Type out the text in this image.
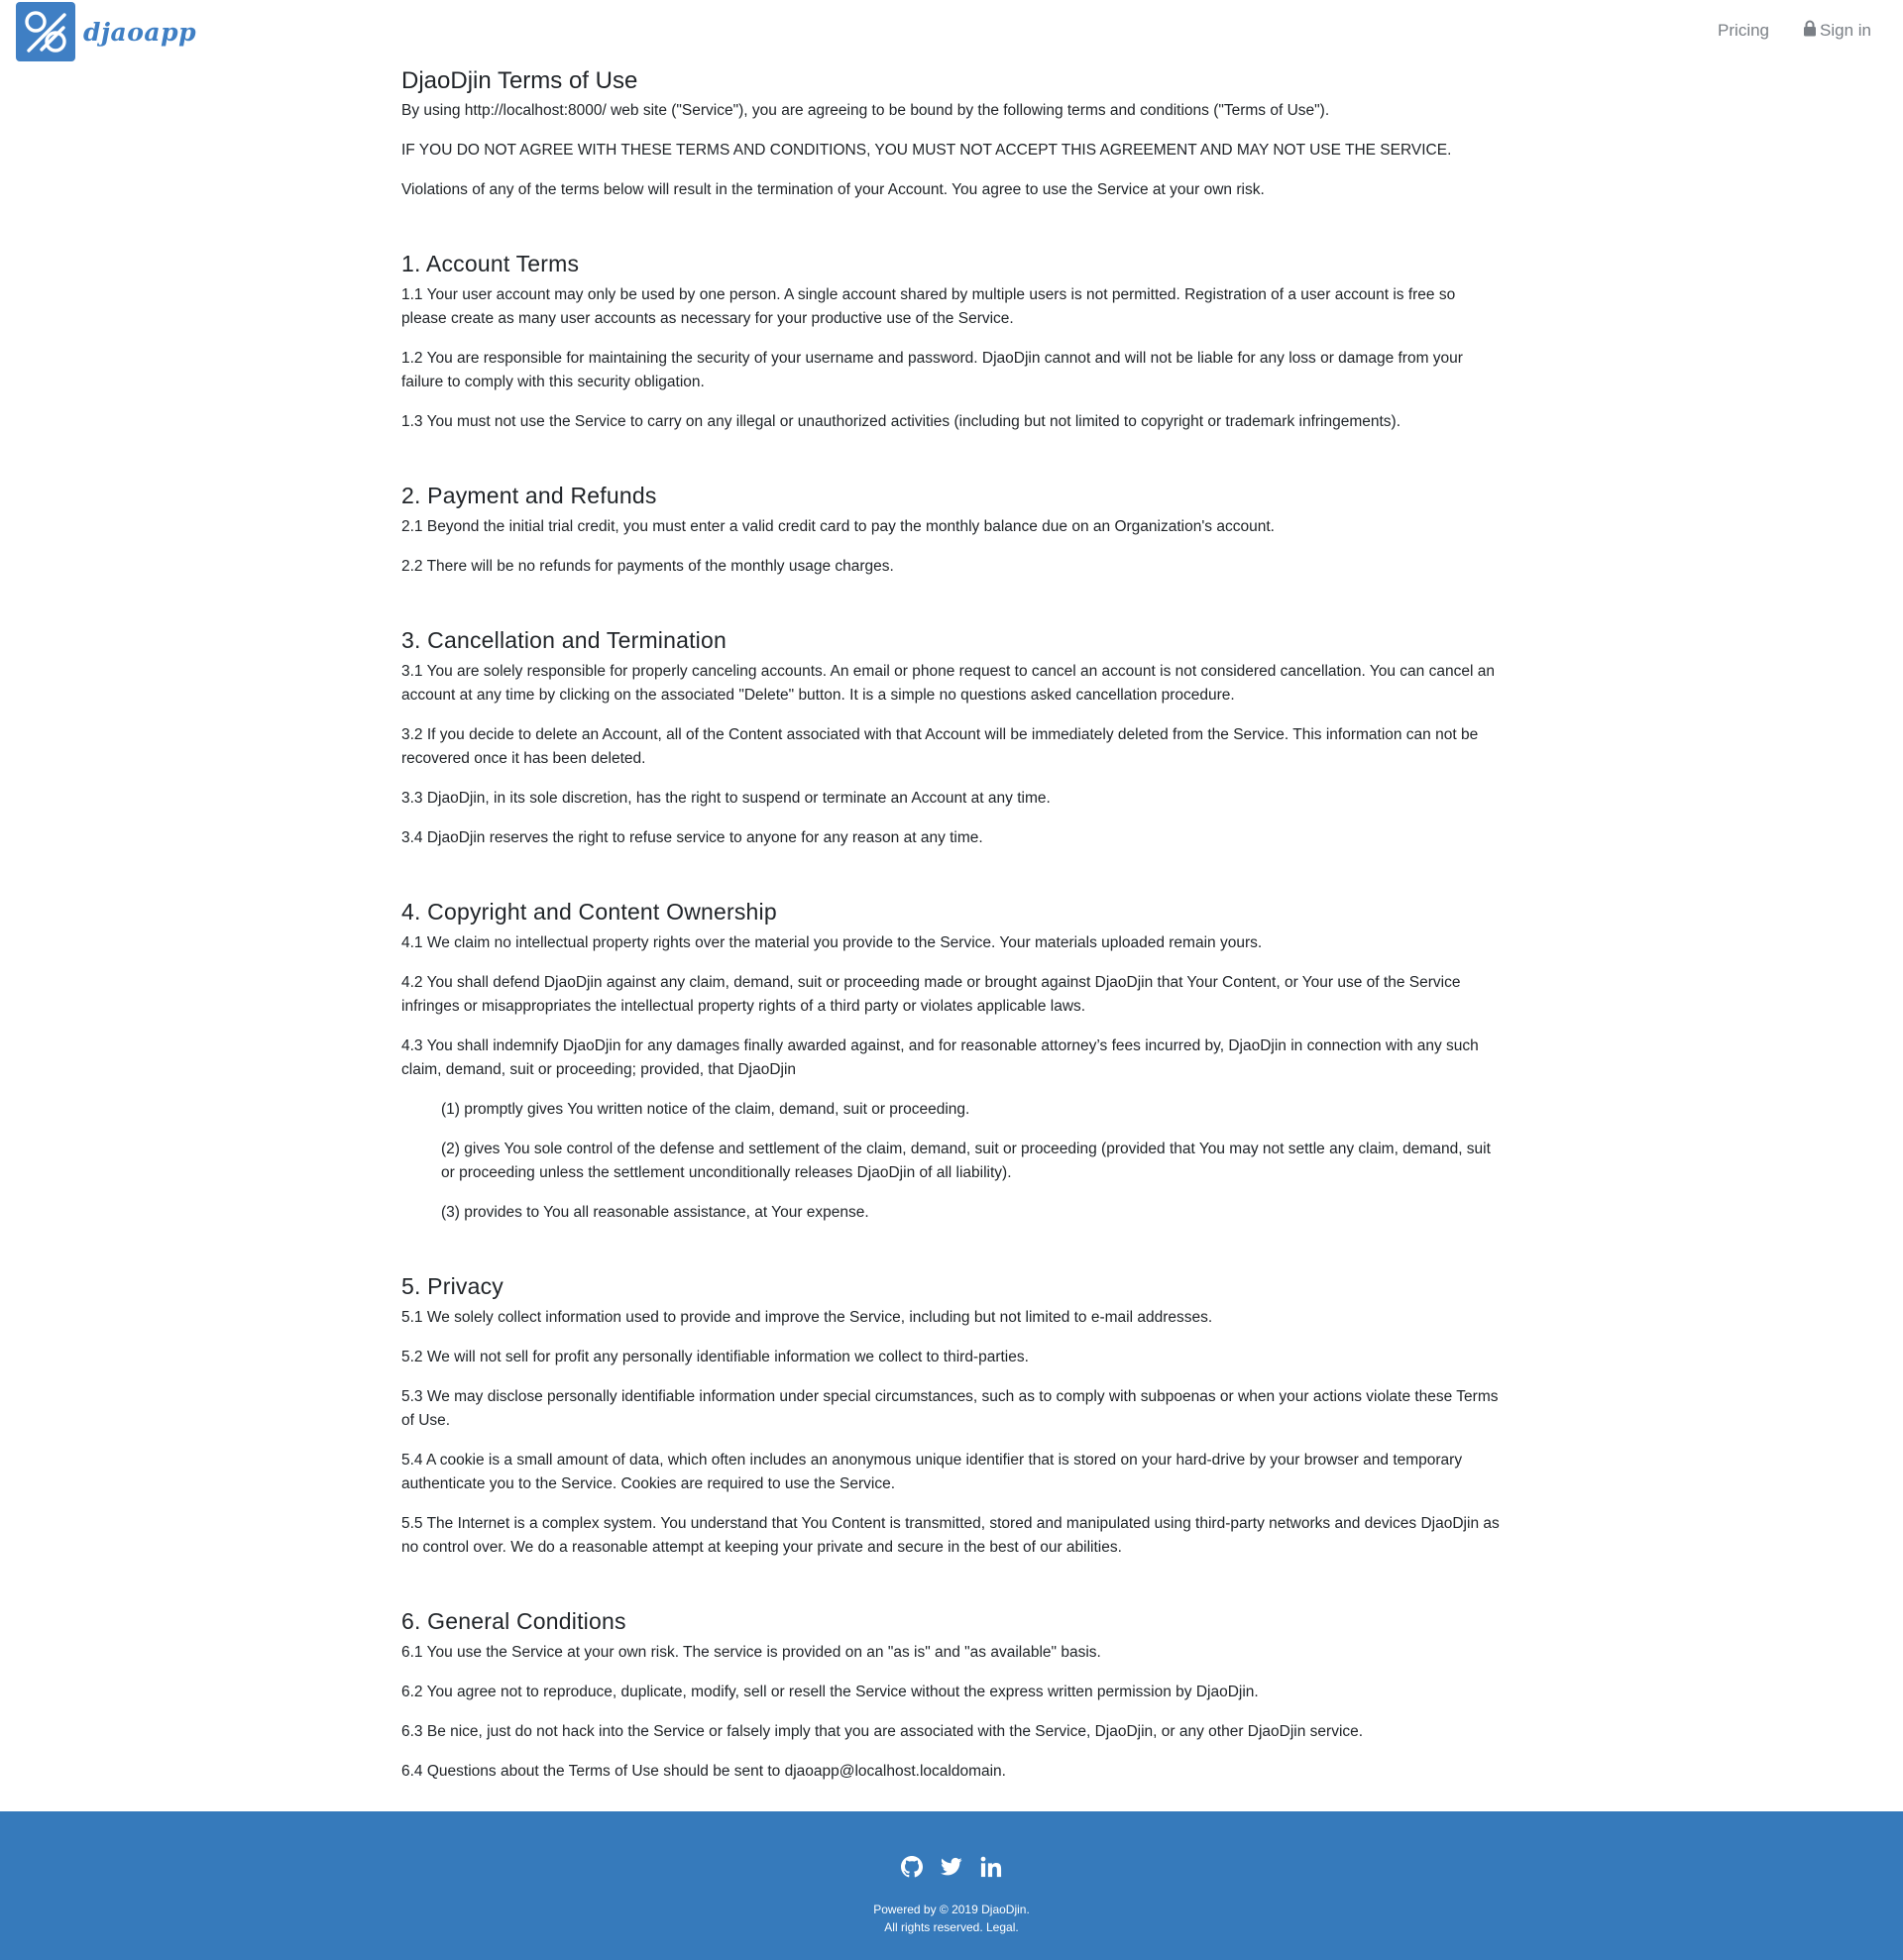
djaoapp	Pricing	Sign in
DjaoDjin Terms of Use

By using http://localhost:8000/ web site ("Service"), you are agreeing to be bound by the following terms and conditions ("Terms of Use").

IF YOU DO NOT AGREE WITH THESE TERMS AND CONDITIONS, YOU MUST NOT ACCEPT THIS AGREEMENT AND MAY NOT USE THE SERVICE.

Violations of any of the terms below will result in the termination of your Account. You agree to use the Service at your own risk.

1. Account Terms

1.1 Your user account may only be used by one person. A single account shared by multiple users is not permitted. Registration of a user account is free so please create as many user accounts as necessary for your productive use of the Service.

1.2 You are responsible for maintaining the security of your username and password. DjaoDjin cannot and will not be liable for any loss or damage from your failure to comply with this security obligation.

1.3 You must not use the Service to carry on any illegal or unauthorized activities (including but not limited to copyright or trademark infringements).

2. Payment and Refunds

2.1 Beyond the initial trial credit, you must enter a valid credit card to pay the monthly balance due on an Organization's account.

2.2 There will be no refunds for payments of the monthly usage charges.

3. Cancellation and Termination

3.1 You are solely responsible for properly canceling accounts. An email or phone request to cancel an account is not considered cancellation. You can cancel an account at any time by clicking on the associated "Delete" button. It is a simple no questions asked cancellation procedure.

3.2 If you decide to delete an Account, all of the Content associated with that Account will be immediately deleted from the Service. This information can not be recovered once it has been deleted.

3.3 DjaoDjin, in its sole discretion, has the right to suspend or terminate an Account at any time.

3.4 DjaoDjin reserves the right to refuse service to anyone for any reason at any time.

4. Copyright and Content Ownership

4.1 We claim no intellectual property rights over the material you provide to the Service. Your materials uploaded remain yours.

4.2 You shall defend DjaoDjin against any claim, demand, suit or proceeding made or brought against DjaoDjin that Your Content, or Your use of the Service infringes or misappropriates the intellectual property rights of a third party or violates applicable laws.

4.3 You shall indemnify DjaoDjin for any damages finally awarded against, and for reasonable attorney’s fees incurred by, DjaoDjin in connection with any such claim, demand, suit or proceeding; provided, that DjaoDjin

(1) promptly gives You written notice of the claim, demand, suit or proceeding.

(2) gives You sole control of the defense and settlement of the claim, demand, suit or proceeding (provided that You may not settle any claim, demand, suit or proceeding unless the settlement unconditionally releases DjaoDjin of all liability).

(3) provides to You all reasonable assistance, at Your expense.

5. Privacy

5.1 We solely collect information used to provide and improve the Service, including but not limited to e-mail addresses.

5.2 We will not sell for profit any personally identifiable information we collect to third-parties.

5.3 We may disclose personally identifiable information under special circumstances, such as to comply with subpoenas or when your actions violate these Terms of Use.

5.4 A cookie is a small amount of data, which often includes an anonymous unique identifier that is stored on your hard-drive by your browser and temporary authenticate you to the Service. Cookies are required to use the Service.

5.5 The Internet is a complex system. You understand that You Content is transmitted, stored and manipulated using third-party networks and devices DjaoDjin as no control over. We do a reasonable attempt at keeping your private and secure in the best of our abilities.

6. General Conditions

6.1 You use the Service at your own risk. The service is provided on an "as is" and "as available" basis.

6.2 You agree not to reproduce, duplicate, modify, sell or resell the Service without the express written permission by DjaoDjin.

6.3 Be nice, just do not hack into the Service or falsely imply that you are associated with the Service, DjaoDjin, or any other DjaoDjin service.

6.4 Questions about the Terms of Use should be sent to djaoapp@localhost.localdomain.

Powered by © 2019 DjaoDjin.
All rights reserved. Legal.
